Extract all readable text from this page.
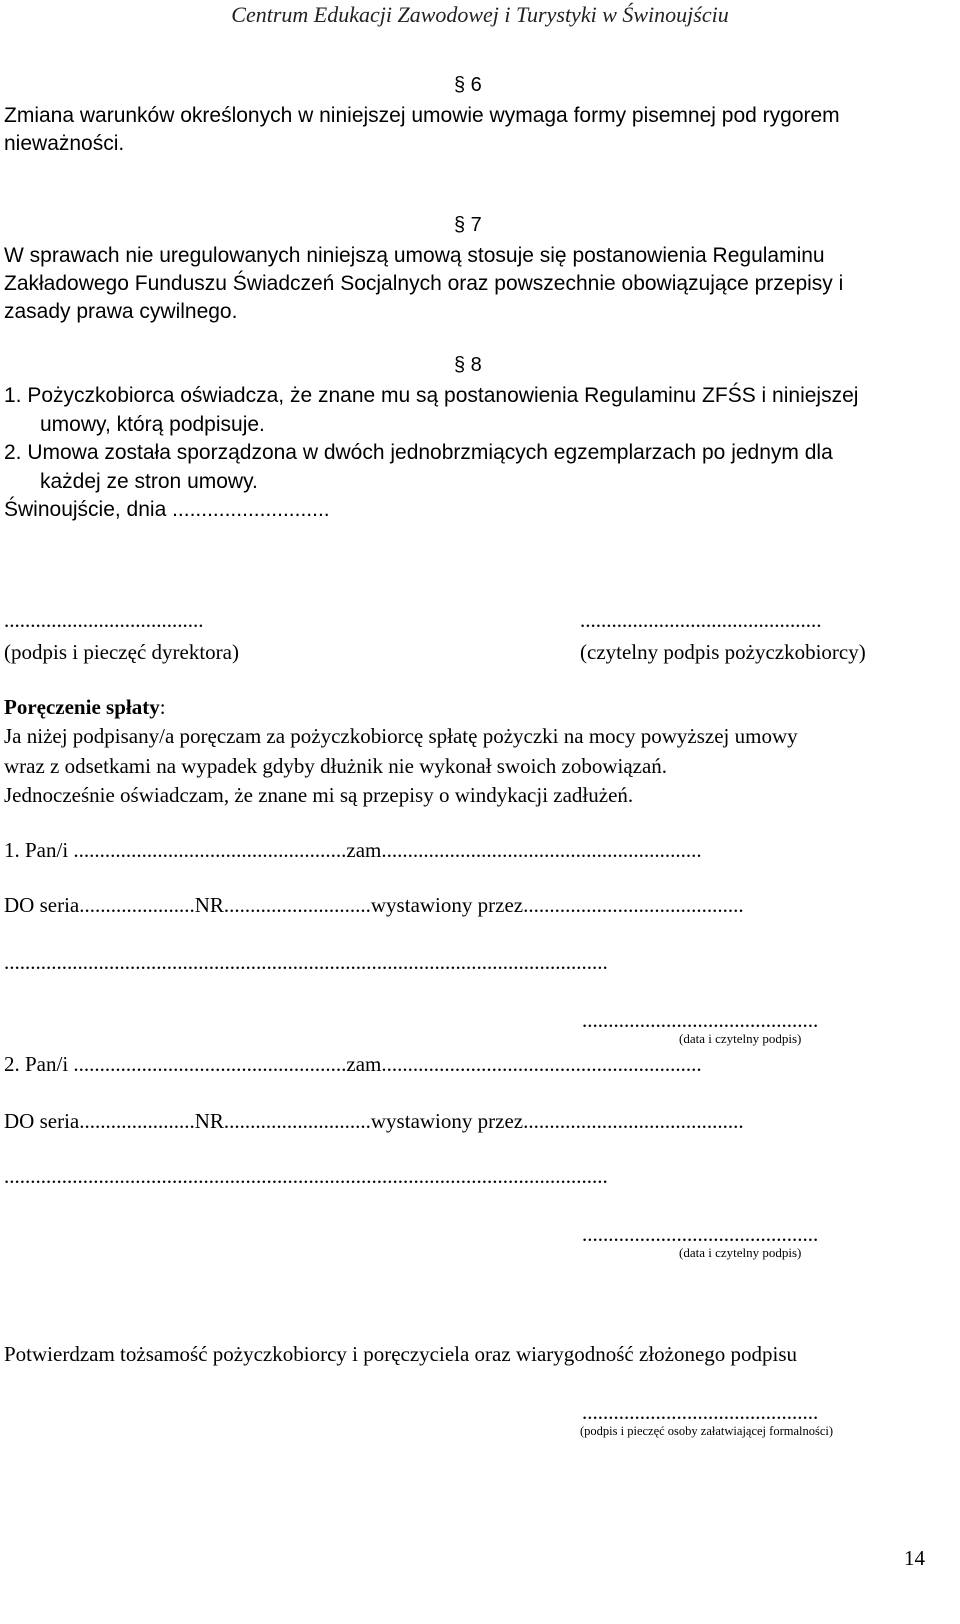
Centrum Edukacji Zawodowej i Turystyki w Świnoujściu
§ 6
Zmiana warunków określonych w niniejszej umowie wymaga formy pisemnej pod rygorem
nieważności.
§ 7
W sprawach nie uregulowanych niniejszą umową stosuje się postanowienia Regulaminu
Zakładowego Funduszu Świadczeń Socjalnych oraz powszechnie obowiązujące przepisy i
zasady prawa cywilnego.
§ 8
1. Pożyczkobiorca oświadcza, że znane mu są postanowienia Regulaminu ZFŚS i niniejszej
umowy, którą podpisuje.
2. Umowa została sporządzona w dwóch jednobrzmiących egzemplarzach po jednym dla
każdej ze stron umowy.
Świnoujście, dnia ...........................
......................................
(podpis i pieczęć dyrektora)
..............................................
(czytelny podpis pożyczkobiorcy)
Poręczenie spłaty:
Ja niżej podpisany/a poręczam za pożyczkobiorcę spłatę pożyczki na mocy powyższej umowy
wraz z odsetkami na wypadek gdyby dłużnik nie wykonał swoich zobowiązań.
Jednocześnie oświadczam, że znane mi są przepisy o windykacji zadłużeń.
1. Pan/i ....................................................zam.............................................................
DO seria......................NR............................wystawiony przez..........................................
...................................................................................................................
.............................................
(data i czytelny podpis)
2. Pan/i ....................................................zam.............................................................
DO seria......................NR............................wystawiony przez..........................................
...................................................................................................................
.............................................
(data i czytelny podpis)
Potwierdzam tożsamość pożyczkobiorcy i poręczyciela oraz wiarygodność złożonego podpisu
.............................................
(podpis i pieczęć osoby załatwiającej formalności)
14
